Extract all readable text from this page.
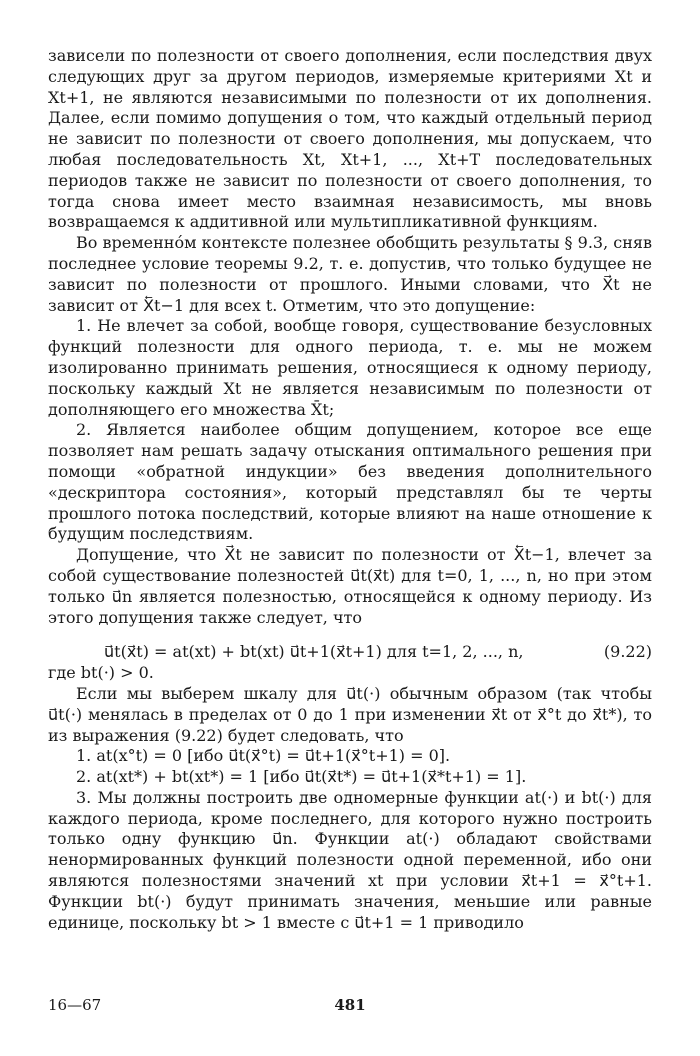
зависели по полезности от своего дополнения, если последствия двух следующих друг за другом периодов, измеряемые критериями Xt и Xt+1, не являются независимыми по полезности от их дополнения. Далее, если помимо допущения о том, что каждый отдельный период не зависит по полезности от своего дополнения, мы допускаем, что любая последовательность Xt, Xt+1, ..., Xt+T последовательных периодов также не зависит по полезности от своего дополнения, то тогда снова имеет место взаимная независимость, мы вновь возвращаемся к аддитивной или мультипликативной функциям.

Во временнóм контексте полезнее обобщить результаты § 9.3, сняв последнее условие теоремы 9.2, т. е. допустив, что только будущее не зависит по полезности от прошлого. Иными словами, что X⃗t не зависит от X⃖t−1 для всех t. Отметим, что это допущение:

1. Не влечет за собой, вообще говоря, существование безусловных функций полезности для одного периода, т. е. мы не можем изолированно принимать решения, относящиеся к одному периоду, поскольку каждый Xt не является независимым по полезности от дополняющего его множества X̄t;

2. Является наиболее общим допущением, которое все еще позволяет нам решать задачу отыскания оптимального решения при помощи «обратной индукции» без введения дополнительного «дескриптора состояния», который представлял бы те черты прошлого потока последствий, которые влияют на наше отношение к будущим последствиям.

Допущение, что X⃗t не зависит по полезности от X⃖t−1, влечет за собой существование полезностей u⃗t(x⃗t) для t=0, 1, ..., n, но при этом только u⃗n является полезностью, относящейся к одному периоду. Из этого допущения также следует, что

u⃗t(x⃗t) = at(xt) + bt(xt) u⃗t+1(x⃗t+1) для t=1, 2, ..., n,	(9.22)

где bt(·) > 0.

Если мы выберем шкалу для u⃗t(·) обычным образом (так чтобы u⃗t(·) менялась в пределах от 0 до 1 при изменении x⃗t от x⃗°t до x⃗t*), то из выражения (9.22) будет следовать, что

1. at(x°t) = 0 [ибо u⃗t(x⃗°t) = u⃗t+1(x⃗°t+1) = 0].

2. at(xt*) + bt(xt*) = 1 [ибо u⃗t(x⃗t*) = u⃗t+1(x⃗*t+1) = 1].

3. Мы должны построить две одномерные функции at(·) и bt(·) для каждого периода, кроме последнего, для которого нужно построить только одну функцию u⃗n. Функции at(·) обладают свойствами ненормированных функций полезности одной переменной, ибо они являются полезностями значений xt при условии x⃗t+1 = x⃗°t+1. Функции bt(·) будут принимать значения, меньшие или равные единице, поскольку bt > 1 вместе с u⃗t+1 = 1 приводило

16—67	481
